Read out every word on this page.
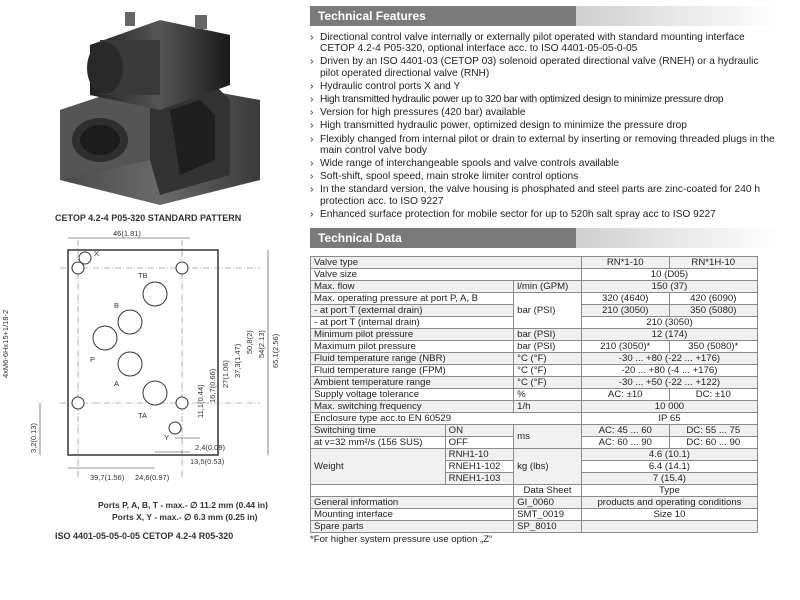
CETOP 4.2-4 P05-320 STANDARD PATTERN
46(1.81)
X
TB
B
P
A
TA
Y
2,4(0.09)
13,5(0.53)
24,6(0.97)
39,7(1.56)
4xM6-6Hx15+1/18-2
3,2(0.13)
65,1(2.56)
54(2.13)
50,8(2)
37,3(1.47)
27(1.06)
16,7(0.66)
11,1(0.44)
Ports P, A, B, T - max.- ∅ 11.2 mm (0.44 in)
Ports X, Y - max.- ∅ 6.3 mm (0.25 in)
ISO 4401-05-05-0-05 CETOP 4.2-4 R05-320
Technical Features
› Directional control valve internally or externally pilot operated with standard mounting interface CETOP 4.2-4 P05-320, optional interface acc. to ISO 4401-05-05-0-05
› Driven by an ISO 4401-03 (CETOP 03) solenoid operated directional valve (RNEH) or a hydraulic pilot operated directional valve (RNH)
› Hydraulic control ports X and Y
› High transmitted hydraulic power up to 320 bar with optimized design to minimize pressure drop
› Version for high pressures (420 bar) available
› High transmitted hydraulic power, optimized design to minimize the pressure drop
› Flexibly changed from internal pilot or drain to external by inserting or removing threaded plugs in the main control valve body
› Wide range of interchangeable spools and valve controls available
› Soft-shift, spool speed, main stroke limiter control options
› In the standard version, the valve housing is phosphated and steel parts are zinc-coated for 240 h protection acc. to ISO 9227
› Enhanced surface protection for mobile sector for up to 520h salt spray acc to ISO 9227
Technical Data
Valve type			RN*1-10	RN*1H-10
Valve size			10 (D05)	
Max. flow		l/min (GPM)	150 (37)	
Max. operating pressure at port P, A, B		bar (PSI)	320 (4640)	420 (6090)
- at port T (external drain)			210 (3050)	350 (5080)
- at port T (internal drain)			210 (3050)	
Minimum pilot pressure		bar (PSI)	12 (174)	
Maximum pilot pressure		bar (PSI)	210 (3050)*	350 (5080)*
Fluid temperature range (NBR)		°C (°F)	-30 ... +80 (-22 ... +176)	
Fluid temperature range (FPM)		°C (°F)	-20 ... +80 (-4 ... +176)	
Ambient temperature range		°C (°F)	-30 ... +50 (-22 ... +122)	
Supply voltage tolerance		%	AC: ±10	DC: ±10
Max. switching frequency		1/h	10 000	
Enclosure type acc.to EN 60529			IP 65	
Switching time	ON	ms	AC: 45 ... 60	DC: 55 ... 75
at v=32 mm²/s (156 SUS)	OFF		AC: 60 ... 90	DC: 60 ... 90
Weight	RNH1-10	kg (lbs)	4.6 (10.1)	
	RNEH1-102		6.4 (14.1)	
	RNEH1-103		7 (15.4)	
		Data Sheet	Type	
General information		GI_0060	products and operating conditions	
Mounting interface		SMT_0019	Size 10	
Spare parts		SP_8010		
*For higher system pressure use option „Z“
